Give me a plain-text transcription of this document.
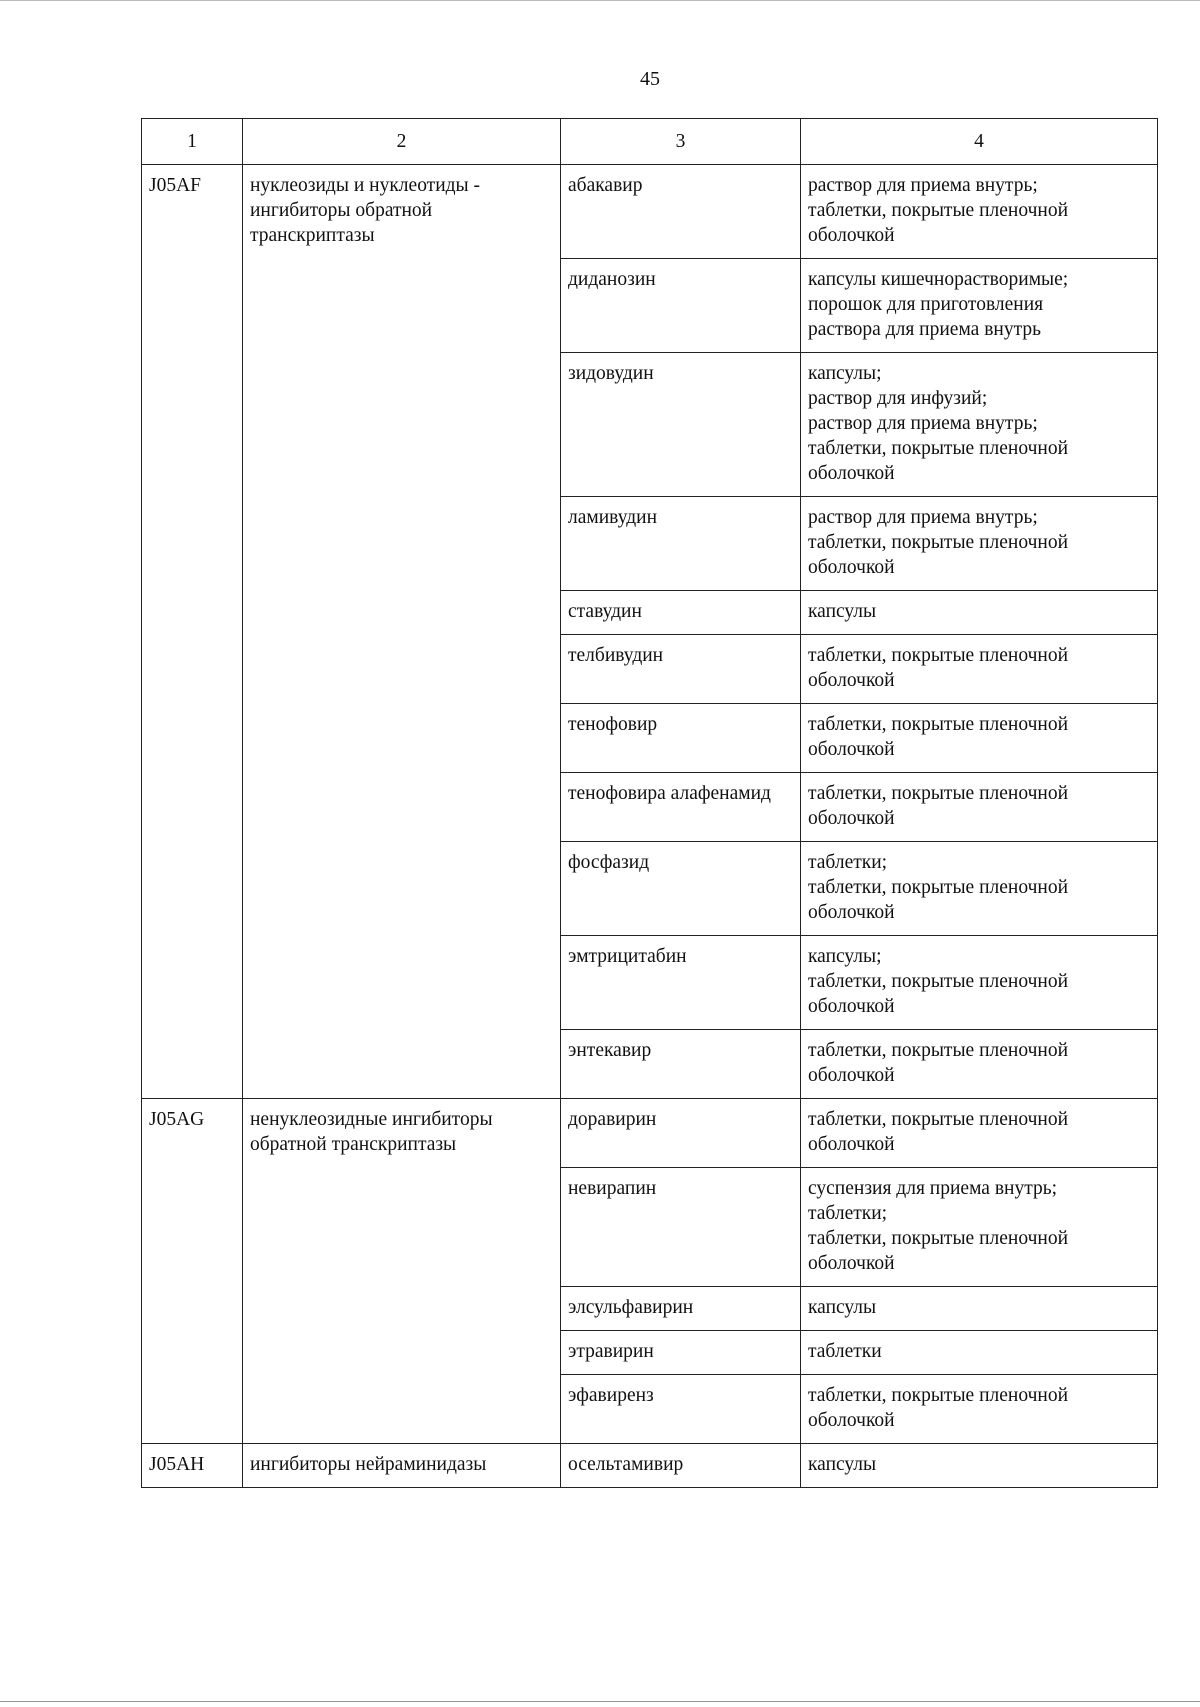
45
1	2	3	4
J05AF	нуклеозиды и нуклеотиды - ингибиторы обратной транскриптазы	абакавир	раствор для приема внутрь;
таблетки, покрытые пленочной
оболочкой

		диданозин	капсулы кишечнорастворимые;
порошок для приготовления
раствора для приема внутрь

		зидовудин	капсулы;
раствор для инфузий;
раствор для приема внутрь;
таблетки, покрытые пленочной
оболочкой

		ламивудин	раствор для приема внутрь;
таблетки, покрытые пленочной
оболочкой

		ставудин	капсулы

		телбивудин	таблетки, покрытые пленочной
оболочкой

		тенофовир	таблетки, покрытые пленочной
оболочкой

		тенофовира алафенамид	таблетки, покрытые пленочной
оболочкой

		фосфазид	таблетки;
таблетки, покрытые пленочной
оболочкой

		эмтрицитабин	капсулы;
таблетки, покрытые пленочной
оболочкой

		энтекавир	таблетки, покрытые пленочной
оболочкой

J05AG	ненуклеозидные ингибиторы обратной транскриптазы	доравирин	таблетки, покрытые пленочной
оболочкой

		невирапин	суспензия для приема внутрь;
таблетки;
таблетки, покрытые пленочной
оболочкой

		элсульфавирин	капсулы

		этравирин	таблетки

		эфавиренз	таблетки, покрытые пленочной
оболочкой

J05AH	ингибиторы нейраминидазы	осельтамивир	капсулы
